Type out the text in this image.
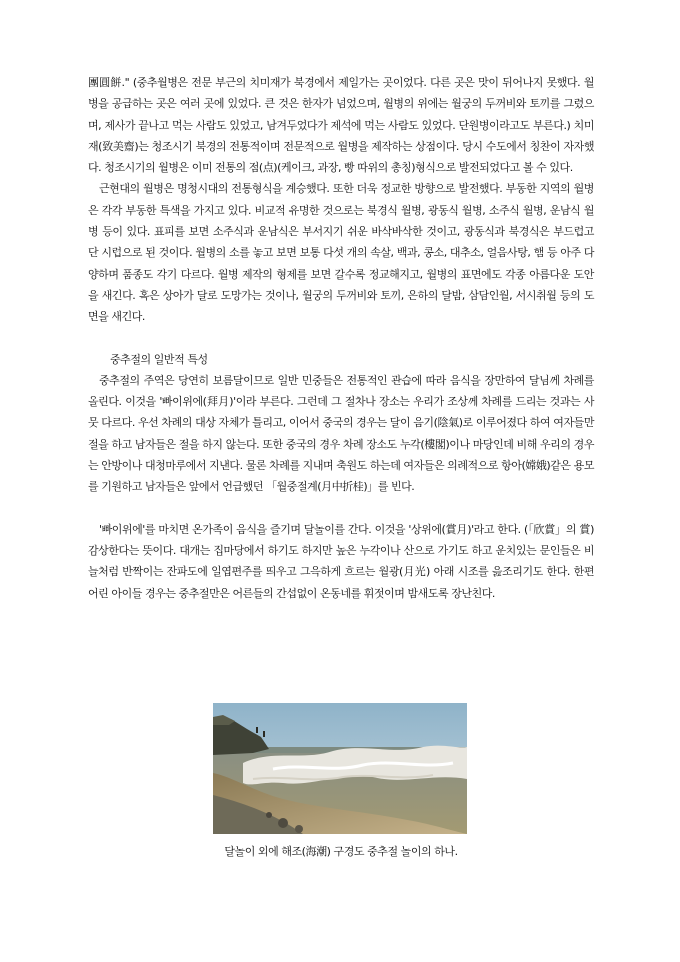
團圓餅." (중추월병은 전문 부근의 치미재가 북경에서 제일가는 곳이었다. 다른 곳은 맛이 뒤어나지 못했다. 월병을 공급하는 곳은 여러 곳에 있었다. 큰 것은 한자가 넘었으며, 월병의 위에는 월궁의 두꺼비와 토끼를 그렸으며, 제사가 끝나고 먹는 사람도 있었고, 남겨두었다가 제석에 먹는 사람도 있었다. 단원병이라고도 부른다.) 치미재(致美齋)는 청조시기 북경의 전통적이며 전문적으로 월병을 제작하는 상점이다. 당시 수도에서 칭찬이 자자했다. 청조시기의 월병은 이미 전통의 점(点)(케이크, 과장, 빵 따위의 총칭)형식으로 발전되었다고 볼 수 있다.

근현대의 월병은 명청시대의 전통형식을 계승했다. 또한 더욱 정교한 방향으로 발전했다. 부동한 지역의 월병은 각각 부동한 특색을 가지고 있다. 비교적 유명한 것으로는 북경식 월병, 광동식 월병, 소주식 월병, 운남식 월병 등이 있다. 표피를 보면 소주식과 운남식은 부서지기 쉬운 바삭바삭한 것이고, 광동식과 북경식은 부드럽고 단 시럽으로 된 것이다. 월병의 소를 놓고 보면 보통 다섯 개의 속살, 백과, 콩소, 대추소, 얼음사탕, 햄 등 아주 다양하며 품종도 각기 다르다. 월병 제작의 형제를 보면 갈수록 정교해지고, 월병의 표면에도 각종 아름다운 도안을 새긴다. 혹은 상아가 달로 도망가는 것이나, 월궁의 두꺼비와 토끼, 은하의 달밤, 삼담인월, 서시취월 등의 도면을 새긴다.

중추절의 일반적 특성

중추절의 주역은 당연히 보름달이므로 일반 민중들은 전통적인 관습에 따라 음식을 장만하여 달님께 차례를 올린다. 이것을 '빠이위에(拜月)'이라 부른다. 그런데 그 절차나 장소는 우리가 조상께 차례를 드리는 것과는 사뭇 다르다. 우선 차례의 대상 자체가 틀리고, 이어서 중국의 경우는 달이 음기(陰氣)로 이루어졌다 하여 여자들만 절을 하고 남자들은 절을 하지 않는다. 또한 중국의 경우 차례 장소도 누각(樓閣)이나 마당인데 비해 우리의 경우는 안방이나 대청마루에서 지낸다. 물론 차례를 지내며 축원도 하는데 여자들은 의례적으로 항아(嫦娥)같은 용모를 기원하고 남자들은 앞에서 언급했던 「월중절계(月中折桂)」를 빈다.

'빠이위에'를 마치면 온가족이 음식을 즐기며 달놀이를 간다. 이것을 '상위에(賞月)'라고 한다. (「欣賞」의 賞) 감상한다는 뜻이다. 대개는 집마당에서 하기도 하지만 높은 누각이나 산으로 가기도 하고 운치있는 문인들은 비늘처럼 반짝이는 잔파도에 일엽편주를 띄우고 그윽하게 흐르는 월광(月光) 아래 시조를 읊조리기도 한다. 한편 어린 아이들 경우는 중추절만은 어른들의 간섭없이 온동네를 휘젓이며 밤새도록 장난친다.

달놀이 외에 해조(海潮) 구경도 중추절 놀이의 하나.
